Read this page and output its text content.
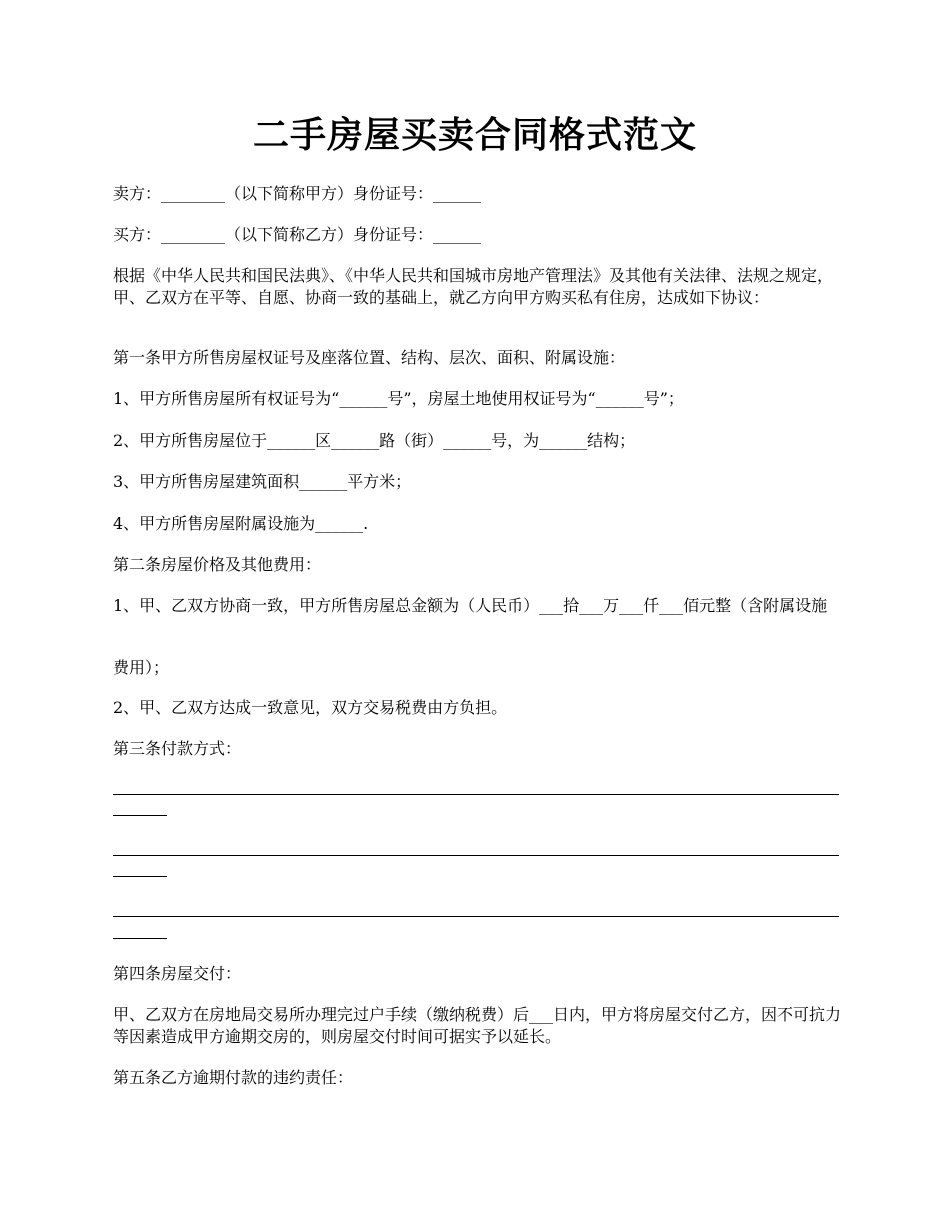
二手房屋买卖合同格式范文

卖方：________（以下简称甲方）身份证号：______

买方：________（以下简称乙方）身份证号：______

根据《中华人民共和国民法典》、《中华人民共和国城市房地产管理法》及其他有关法律、法规之规定，甲、乙双方在平等、自愿、协商一致的基础上，就乙方向甲方购买私有住房，达成如下协议：

第一条甲方所售房屋权证号及座落位置、结构、层次、面积、附属设施：

1、甲方所售房屋所有权证号为“______号”，房屋土地使用权证号为“______号”；

2、甲方所售房屋位于______区______路（街）______号，为______结构；

3、甲方所售房屋建筑面积______平方米；

4、甲方所售房屋附属设施为______.

第二条房屋价格及其他费用：

1、甲、乙双方协商一致，甲方所售房屋总金额为（人民币）___拾___万___仟___佰元整（含附属设施

费用）；

2、甲、乙双方达成一致意见，双方交易税费由方负担。

第三条付款方式：

第四条房屋交付：

甲、乙双方在房地局交易所办理完过户手续（缴纳税费）后___日内，甲方将房屋交付乙方，因不可抗力等因素造成甲方逾期交房的，则房屋交付时间可据实予以延长。

第五条乙方逾期付款的违约责任：
